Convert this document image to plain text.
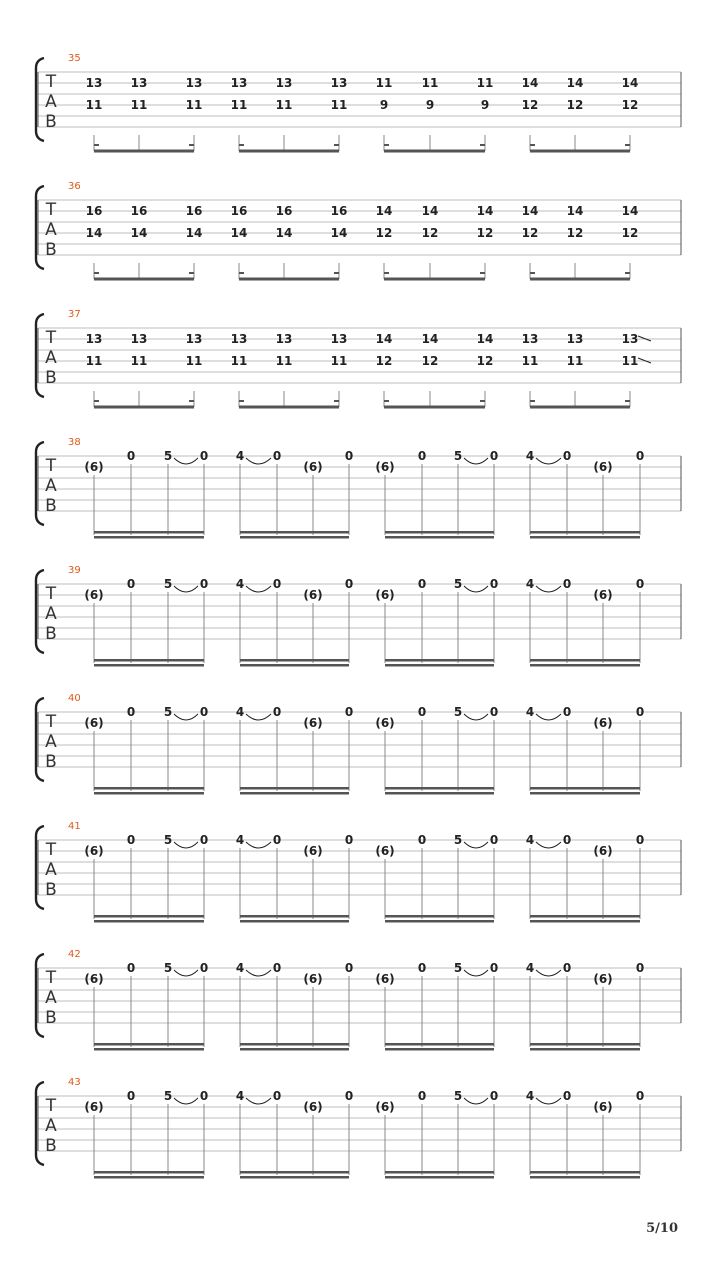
35
T
A
B
13
11
13
11
13
11
13
11
13
11
13
11
11
9
11
9
11
9
14
12
14
12
14
12
36
T
A
B
16
14
16
14
16
14
16
14
16
14
16
14
14
12
14
12
14
12
14
12
14
12
14
12
37
T
A
B
13
11
13
11
13
11
13
11
13
11
13
11
14
12
14
12
14
12
13
11
13
11
13
11
38
T
A
B
(6)
0 5 0 4 0
(6)
0
(6)
0 5 0 4 0
(6)
0
39
T
A
B
(6)
0 5 0 4 0
(6)
0
(6)
0 5 0 4 0
(6)
0
40
T
A
B
(6)
0 5 0 4 0
(6)
0
(6)
0 5 0 4 0
(6)
0
41
T
A
B
(6)
0 5 0 4 0
(6)
0
(6)
0 5 0 4 0
(6)
0
42
T
A
B
(6)
0 5 0 4 0
(6)
0
(6)
0 5 0 4 0
(6)
0
43
T
A
B
(6)
0 5 0 4 0
(6)
0
(6)
0 5 0 4 0
(6)
0
5/10
